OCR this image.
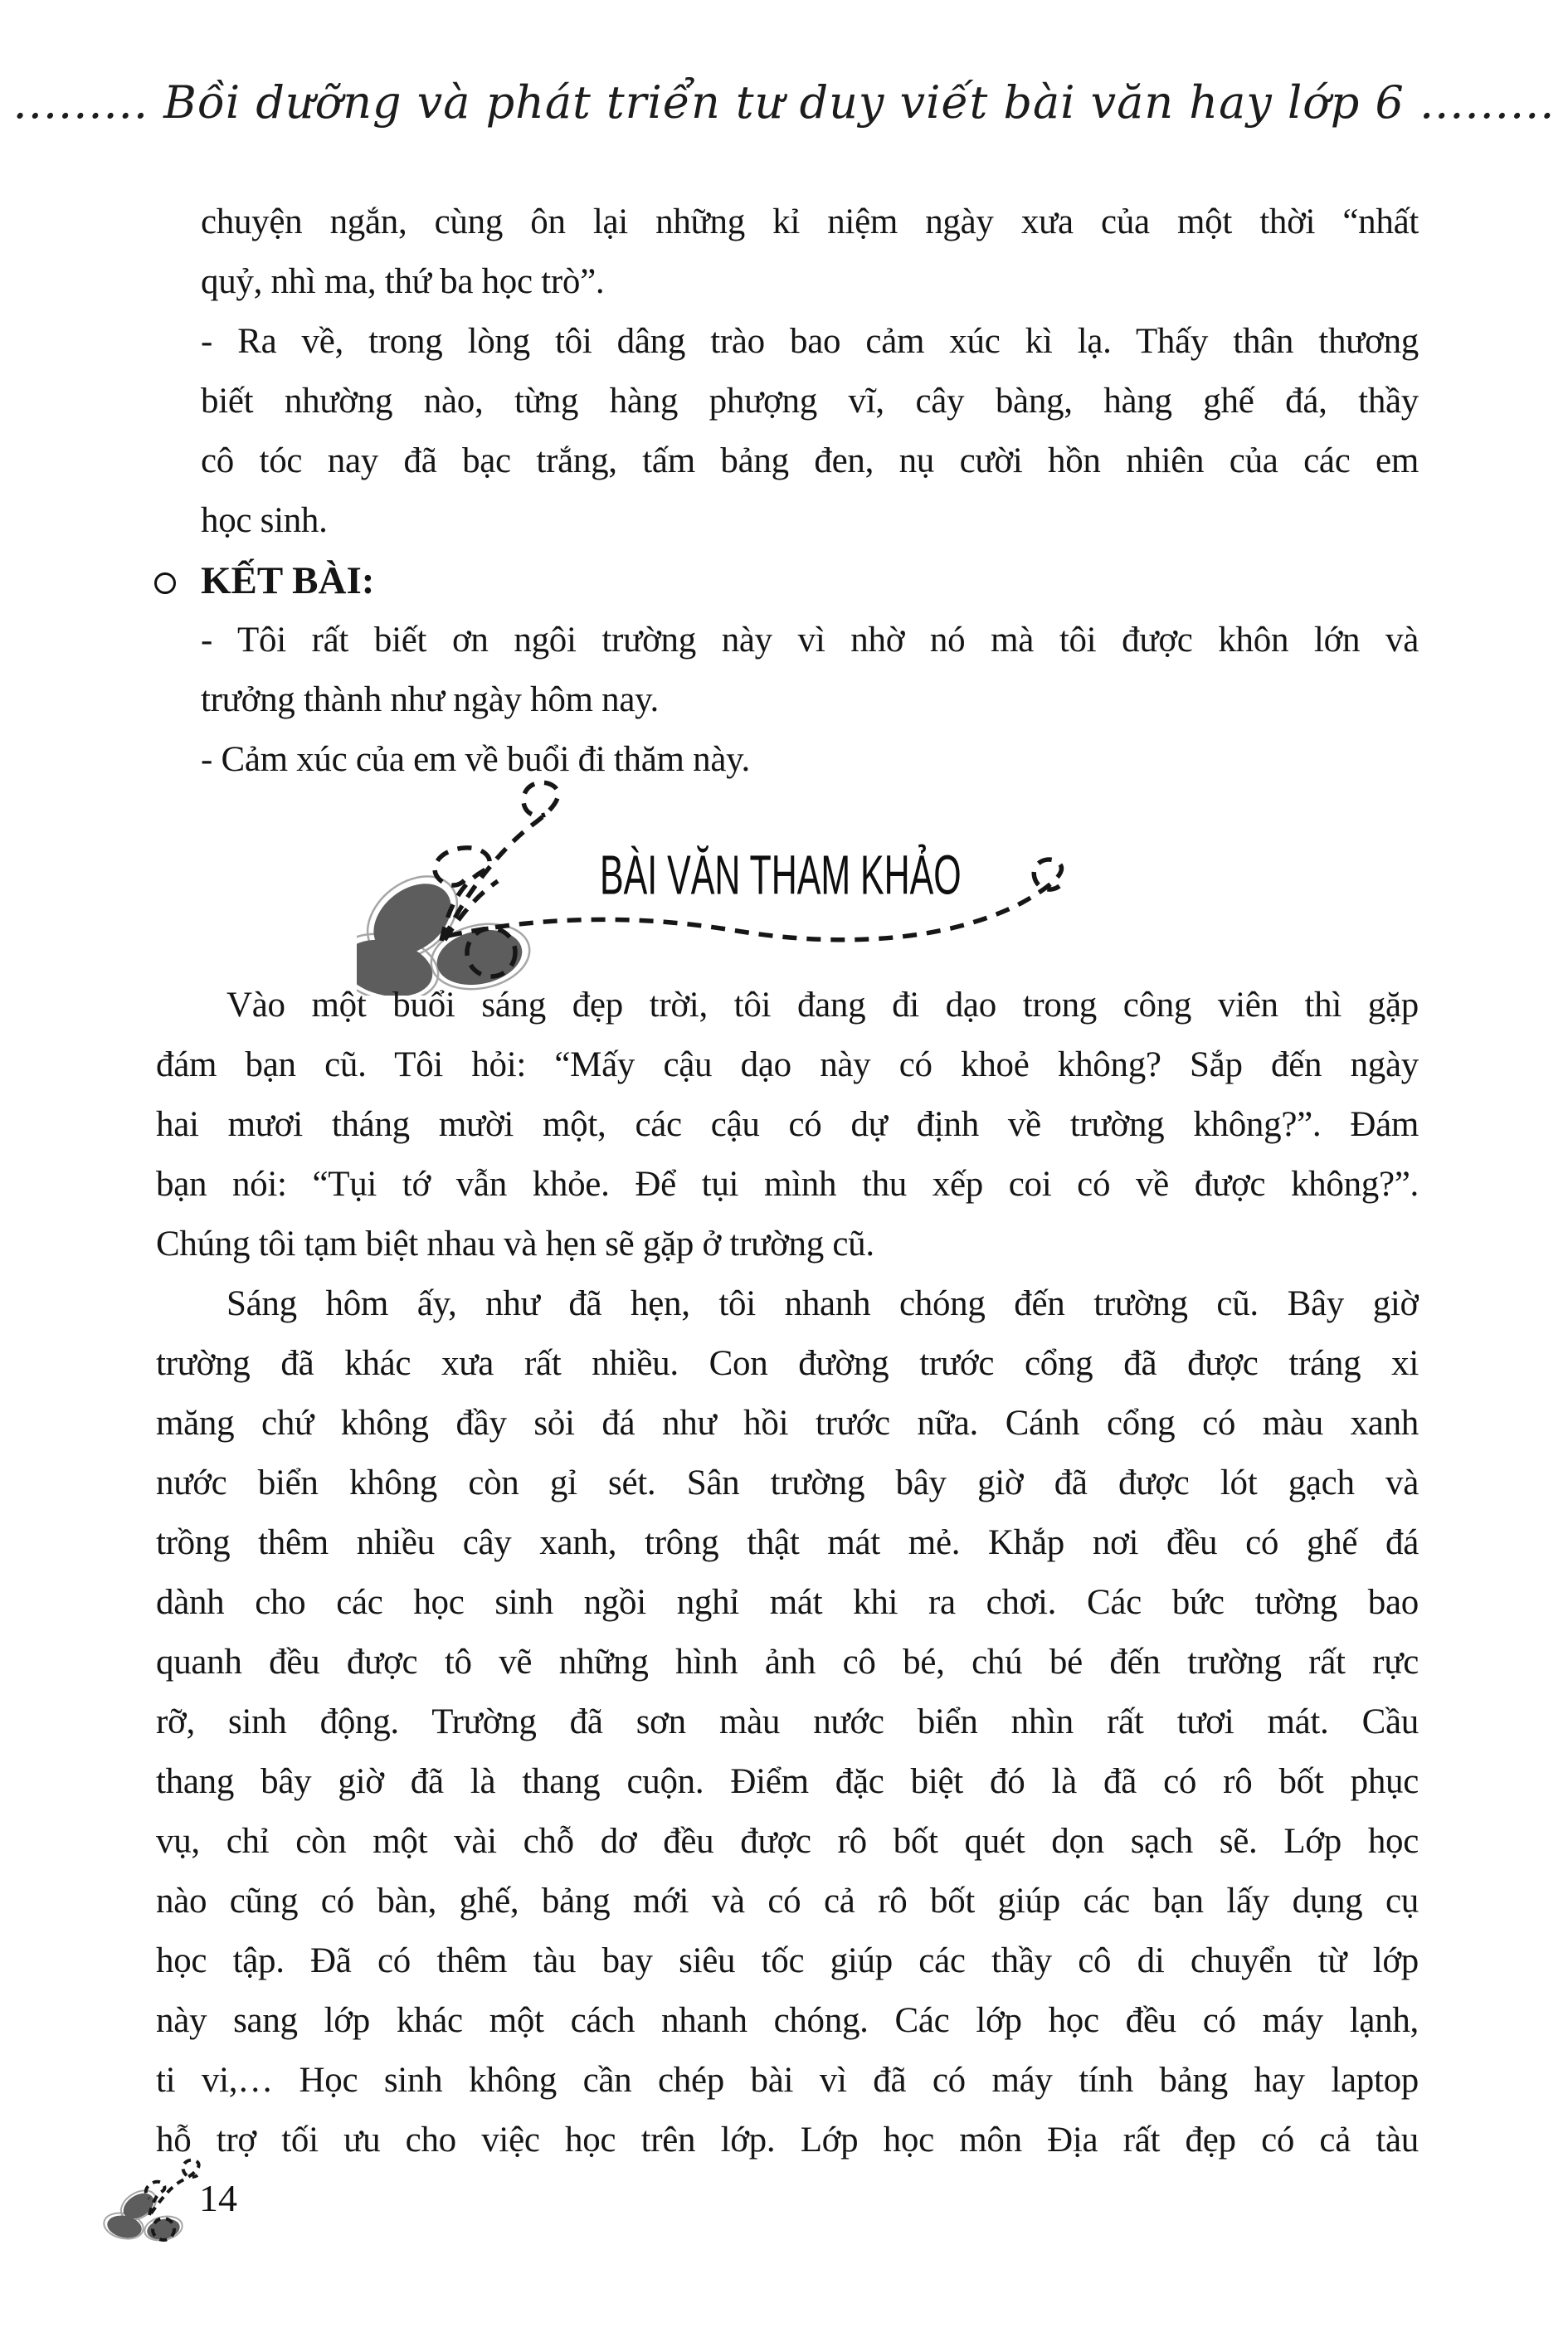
......... Bồi dưỡng và phát triển tư duy viết bài văn hay lớp 6 .........
chuyện ngắn, cùng ôn lại những kỉ niệm ngày xưa của một thời “nhất
quỷ, nhì ma, thứ ba học trò”.
- Ra về, trong lòng tôi dâng trào bao cảm xúc kì lạ. Thấy thân thương
biết nhường nào, từng hàng phượng vĩ, cây bàng, hàng ghế đá, thầy
cô tóc nay đã bạc trắng, tấm bảng đen, nụ cười hồn nhiên của các em
học sinh.
KẾT BÀI:
- Tôi rất biết ơn ngôi trường này vì nhờ nó mà tôi được khôn lớn và
trưởng thành như ngày hôm nay.
- Cảm xúc của em về buổi đi thăm này.
BÀI VĂN THAM KHẢO
Vào một buổi sáng đẹp trời, tôi đang đi dạo trong công viên thì gặp
đám bạn cũ. Tôi hỏi: “Mấy cậu dạo này có khoẻ không? Sắp đến ngày
hai mươi tháng mười một, các cậu có dự định về trường không?”. Đám
bạn nói: “Tụi tớ vẫn khỏe. Để tụi mình thu xếp coi có về được không?”.
Chúng tôi tạm biệt nhau và hẹn sẽ gặp ở trường cũ.
Sáng hôm ấy, như đã hẹn, tôi nhanh chóng đến trường cũ. Bây giờ
trường đã khác xưa rất nhiều. Con đường trước cổng đã được tráng xi
măng chứ không đầy sỏi đá như hồi trước nữa. Cánh cổng có màu xanh
nước biển không còn gỉ sét. Sân trường bây giờ đã được lót gạch và
trồng thêm nhiều cây xanh, trông thật mát mẻ. Khắp nơi đều có ghế đá
dành cho các học sinh ngồi nghỉ mát khi ra chơi. Các bức tường bao
quanh đều được tô vẽ những hình ảnh cô bé, chú bé đến trường rất rực
rỡ, sinh động. Trường đã sơn màu nước biển nhìn rất tươi mát. Cầu
thang bây giờ đã là thang cuộn. Điểm đặc biệt đó là đã có rô bốt phục
vụ, chỉ còn một vài chỗ dơ đều được rô bốt quét dọn sạch sẽ. Lớp học
nào cũng có bàn, ghế, bảng mới và có cả rô bốt giúp các bạn lấy dụng cụ
học tập. Đã có thêm tàu bay siêu tốc giúp các thầy cô di chuyển từ lớp
này sang lớp khác một cách nhanh chóng. Các lớp học đều có máy lạnh,
ti vi,… Học sinh không cần chép bài vì đã có máy tính bảng hay laptop
hỗ trợ tối ưu cho việc học trên lớp. Lớp học môn Địa rất đẹp có cả tàu
14
